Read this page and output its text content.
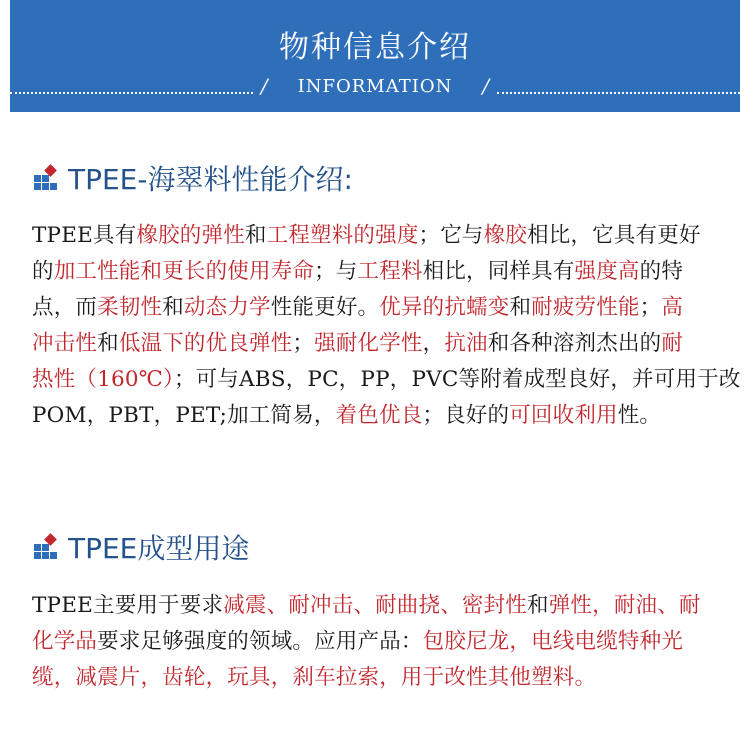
物种信息介绍
/	INFORMATION	/
TPEE-海翠料性能介绍:
TPEE具有橡胶的弹性和工程塑料的强度；它与橡胶相比，它具有更好
的加工性能和更长的使用寿命；与工程料相比，同样具有强度高的特
点，而柔韧性和动态力学性能更好。优异的抗蠕变和耐疲劳性能；高
冲击性和低温下的优良弹性；强耐化学性，抗油和各种溶剂杰出的耐
热性（160℃）；可与ABS，PC，PP，PVC等附着成型良好，并可用于改
POM，PBT，PET;加工简易，着色优良；良好的可回收利用性。
TPEE成型用途
TPEE主要用于要求减震、耐冲击、耐曲挠、密封性和弹性，耐油、耐
化学品要求足够强度的领域。应用产品：包胶尼龙，电线电缆特种光
缆，减震片，齿轮，玩具，刹车拉索，用于改性其他塑料。
